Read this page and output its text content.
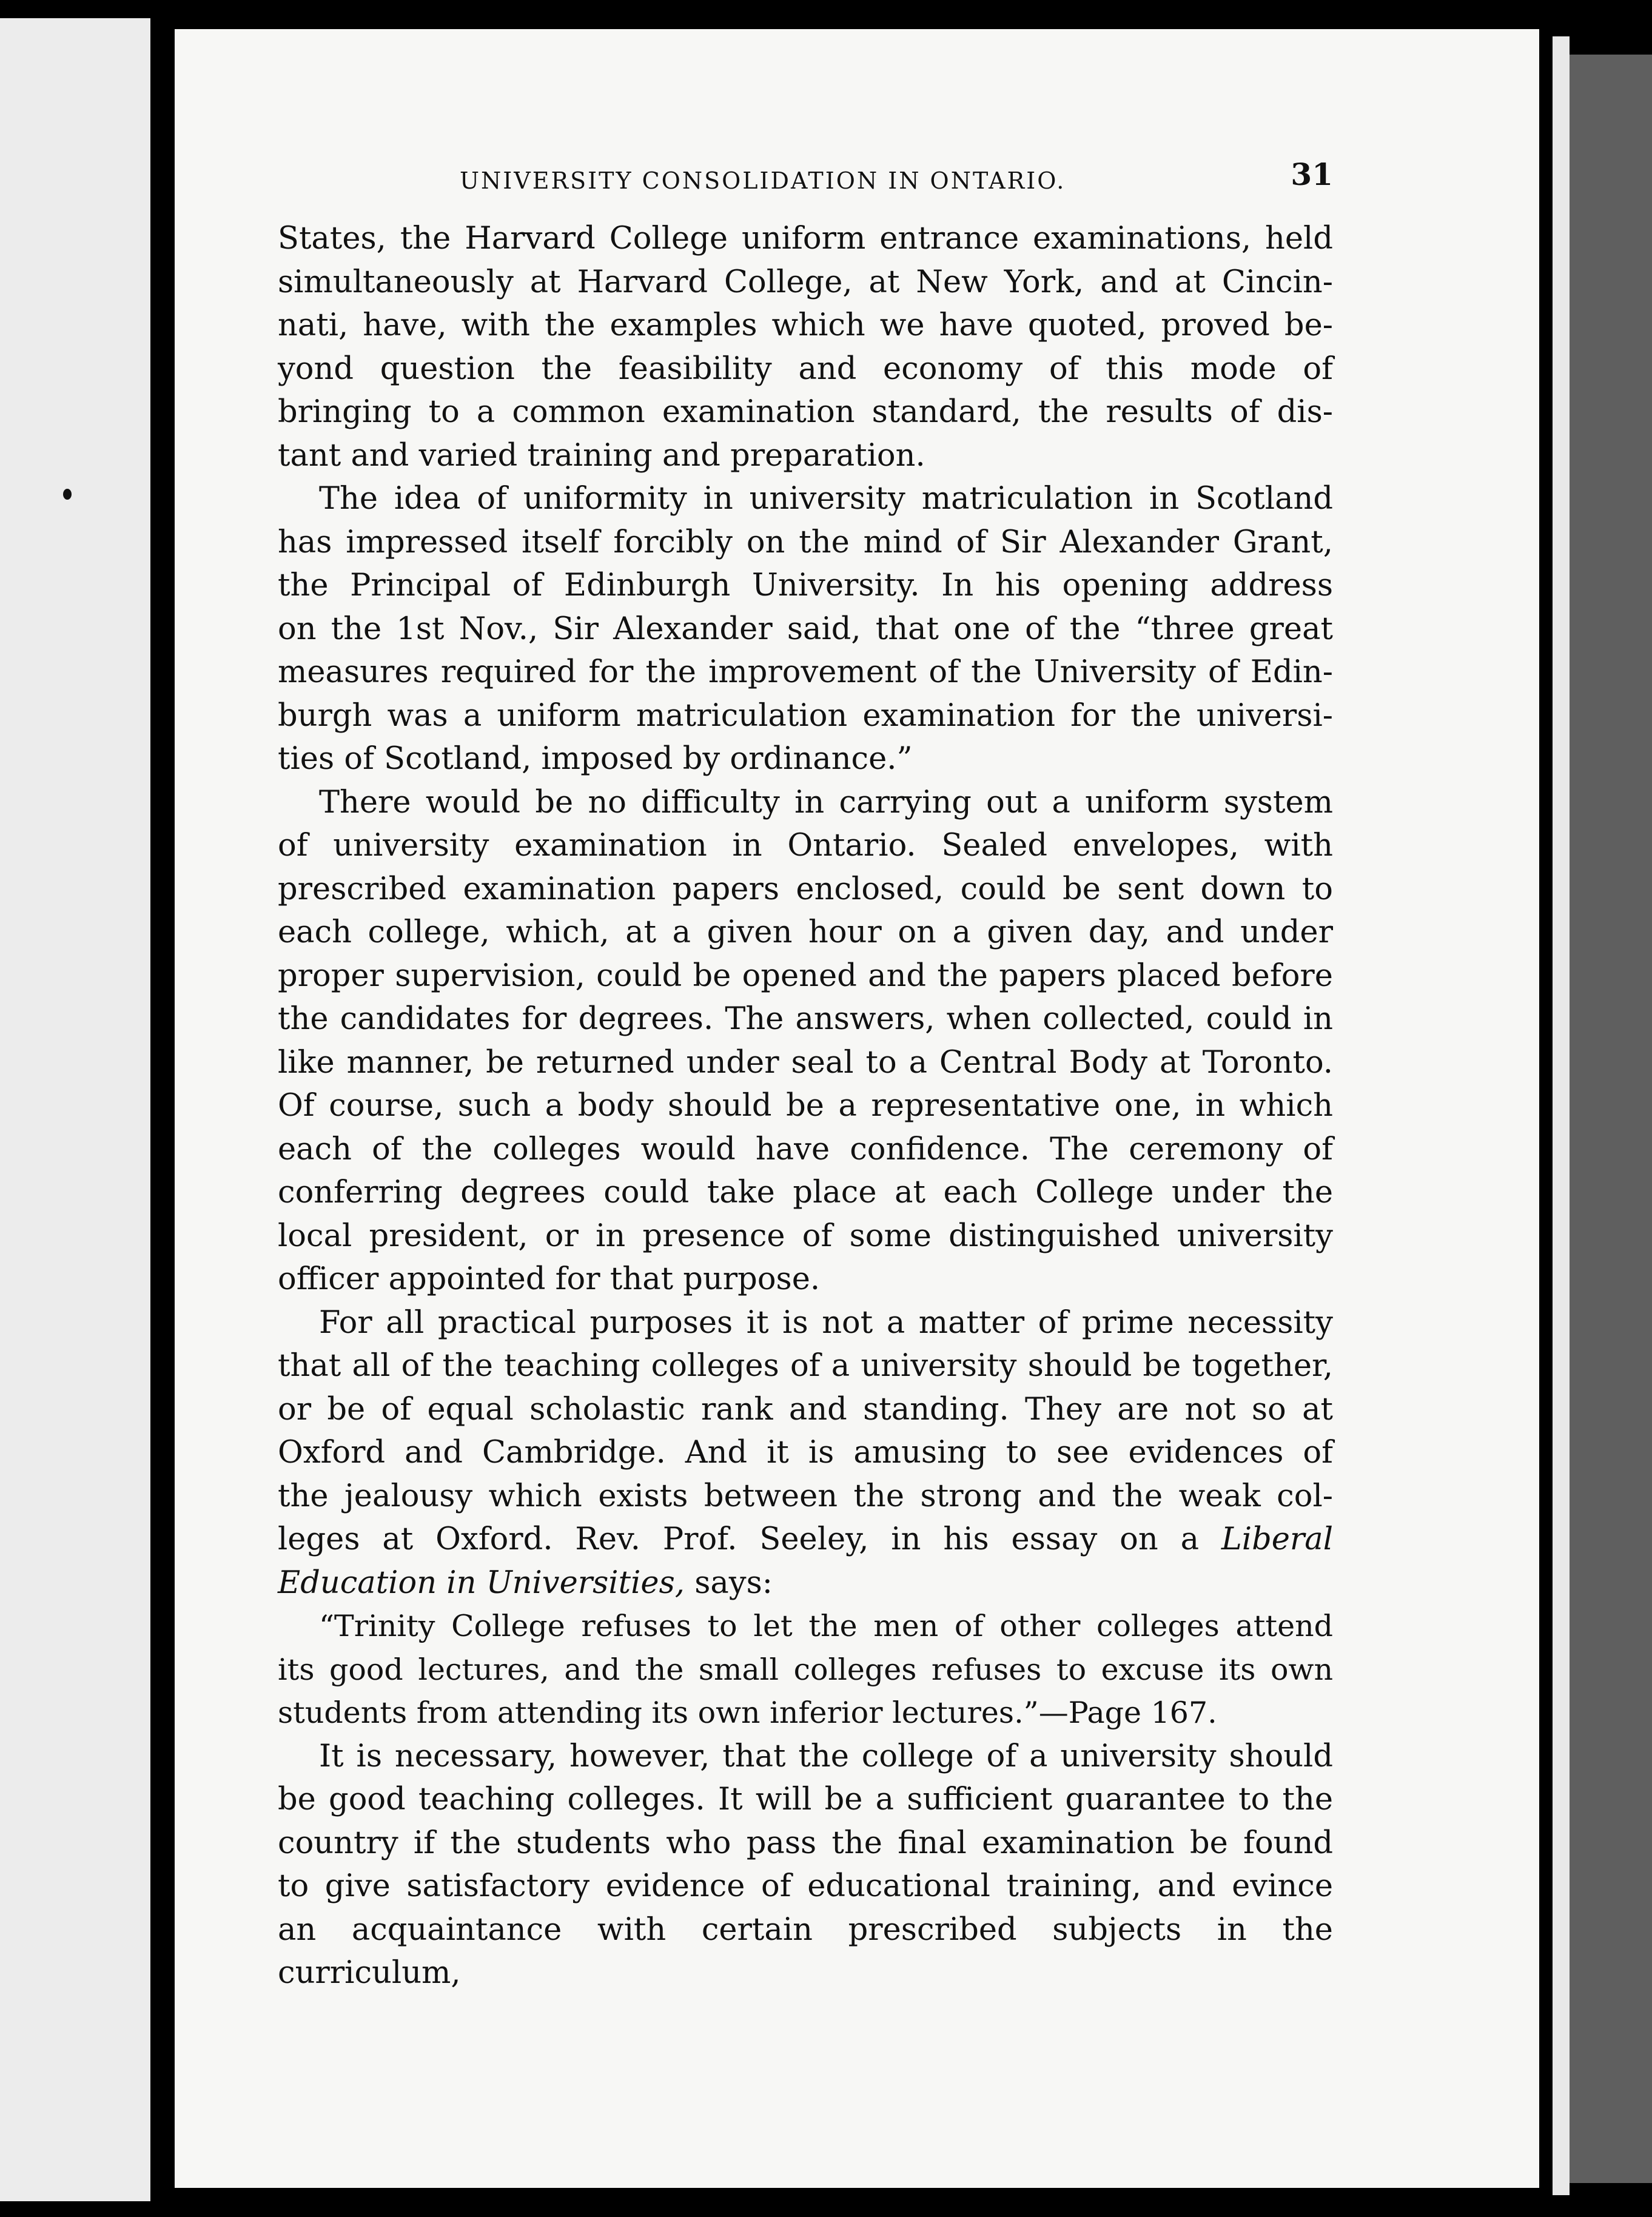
UNIVERSITY CONSOLIDATION IN ONTARIO.	31

States, the Harvard College uniform entrance examinations, held
simultaneously at Harvard College, at New York, and at Cincin-
nati, have, with the examples which we have quoted, proved be-
yond question the feasibility and economy of this mode of
bringing to a common examination standard, the results of dis-
tant and varied training and preparation.

The idea of uniformity in university matriculation in Scotland
has impressed itself forcibly on the mind of Sir Alexander Grant,
the Principal of Edinburgh University. In his opening address
on the 1st Nov., Sir Alexander said, that one of the “three great
measures required for the improvement of the University of Edin-
burgh was a uniform matriculation examination for the universi-
ties of Scotland, imposed by ordinance.”

There would be no difficulty in carrying out a uniform system
of university examination in Ontario. Sealed envelopes, with
prescribed examination papers enclosed, could be sent down to
each college, which, at a given hour on a given day, and under
proper supervision, could be opened and the papers placed before
the candidates for degrees. The answers, when collected, could in
like manner, be returned under seal to a Central Body at Toronto.
Of course, such a body should be a representative one, in which
each of the colleges would have confidence. The ceremony of
conferring degrees could take place at each College under the
local president, or in presence of some distinguished university
officer appointed for that purpose.

For all practical purposes it is not a matter of prime necessity
that all of the teaching colleges of a university should be together,
or be of equal scholastic rank and standing. They are not so at
Oxford and Cambridge. And it is amusing to see evidences of
the jealousy which exists between the strong and the weak col-
leges at Oxford. Rev. Prof. Seeley, in his essay on a Liberal
Education in Universities, says:

“Trinity College refuses to let the men of other colleges attend
its good lectures, and the small colleges refuses to excuse its own
students from attending its own inferior lectures.”—Page 167.

It is necessary, however, that the college of a university should
be good teaching colleges. It will be a sufficient guarantee to the
country if the students who pass the final examination be found
to give satisfactory evidence of educational training, and evince
an acquaintance with certain prescribed subjects in the curriculum,
